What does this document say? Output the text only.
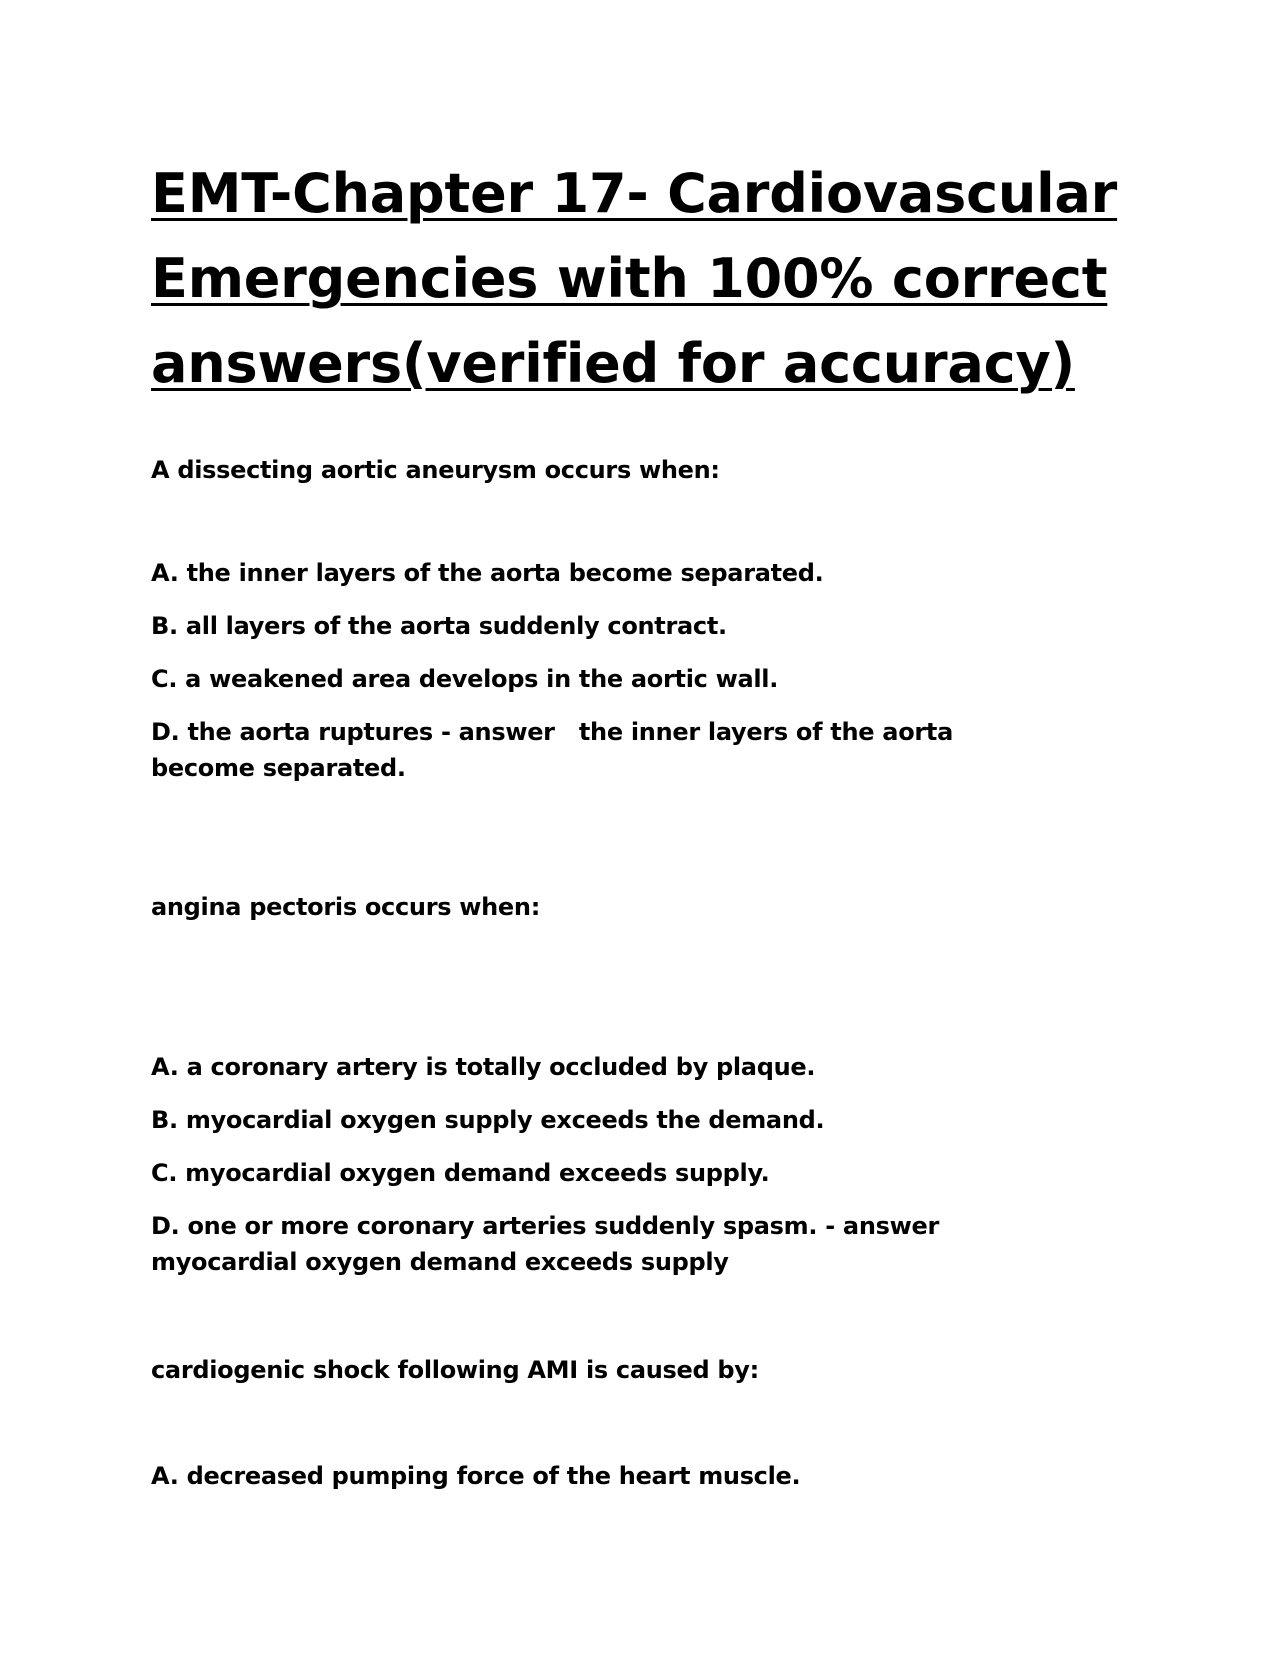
EMT-Chapter 17- Cardiovascular
Emergencies with 100% correct
answers(verified for accuracy)

A dissecting aortic aneurysm occurs when:

A. the inner layers of the aorta become separated.

B. all layers of the aorta suddenly contract.

C. a weakened area develops in the aortic wall.

D. the aorta ruptures - answer   the inner layers of the aorta become separated.

angina pectoris occurs when:

A. a coronary artery is totally occluded by plaque.

B. myocardial oxygen supply exceeds the demand.

C. myocardial oxygen demand exceeds supply.

D. one or more coronary arteries suddenly spasm. - answer   myocardial oxygen demand exceeds supply

cardiogenic shock following AMI is caused by:

A. decreased pumping force of the heart muscle.
